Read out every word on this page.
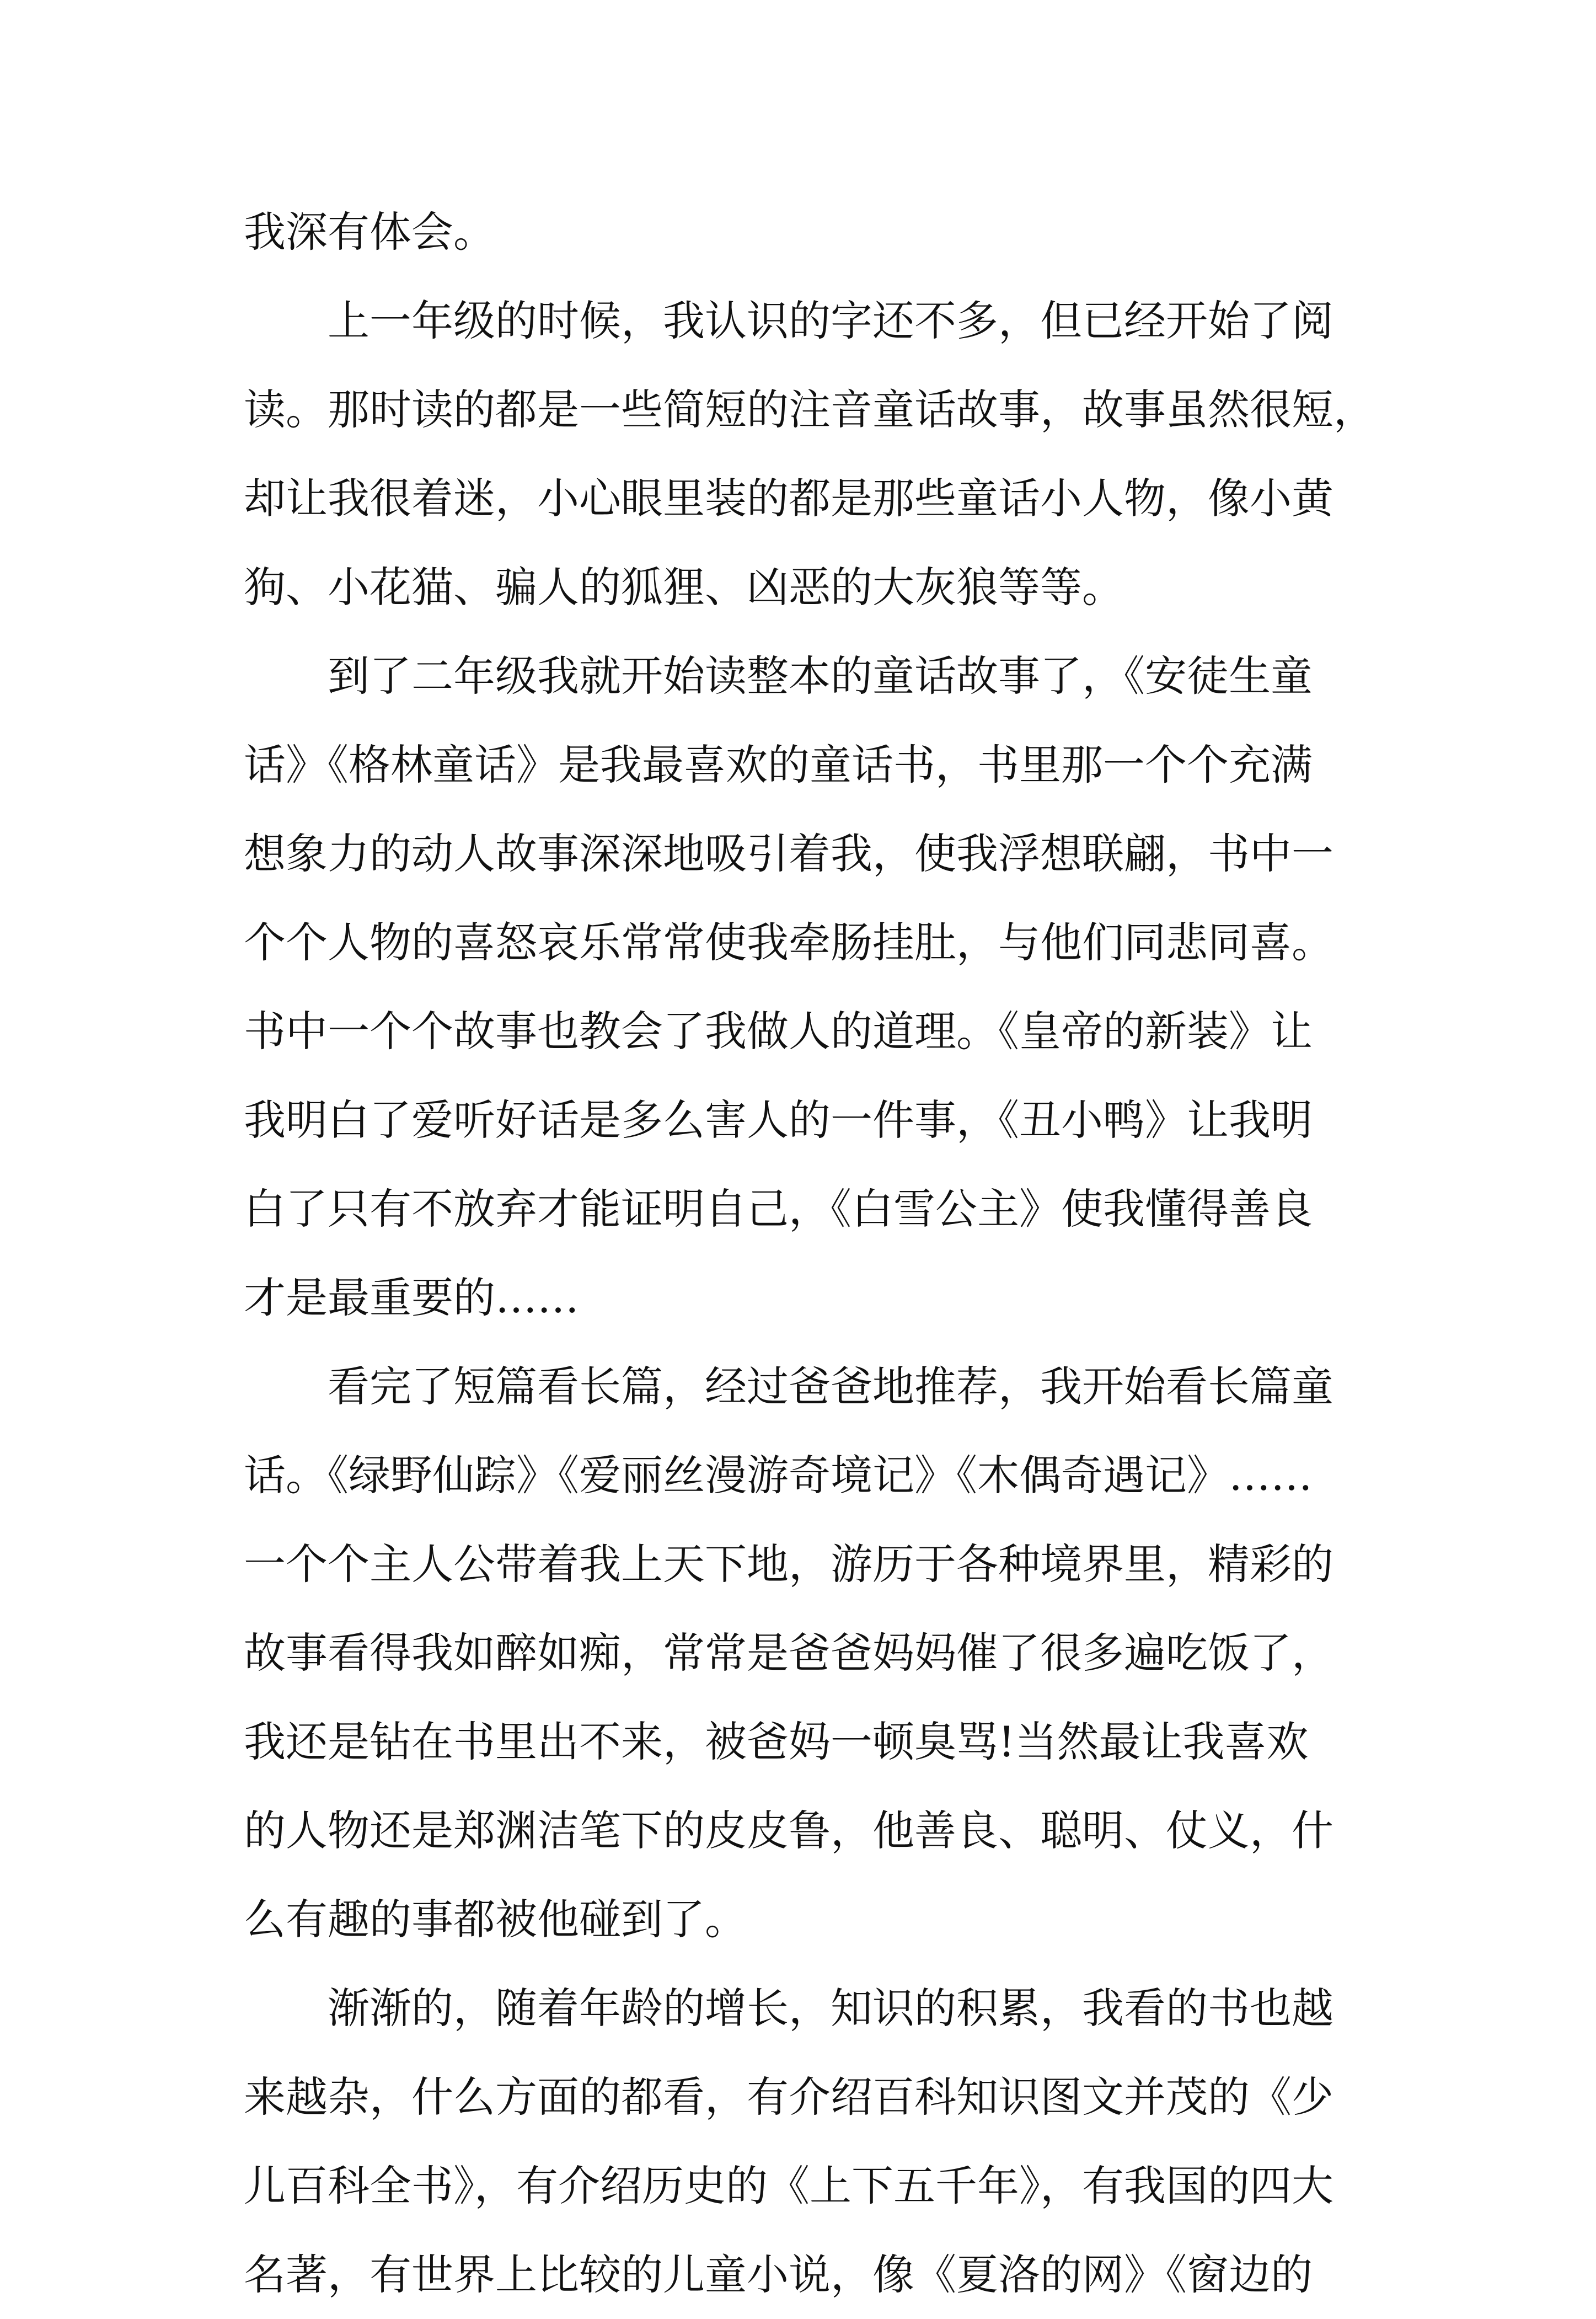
我深有体会。
上一年级的时候，我认识的字还不多，但已经开始了阅
读。那时读的都是一些简短的注音童话故事，故事虽然很短，
却让我很着迷，小心眼里装的都是那些童话小人物，像小黄
狗、小花猫、骗人的狐狸、凶恶的大灰狼等等。
到了二年级我就开始读整本的童话故事了，《安徒生童
话》《格林童话》是我最喜欢的童话书，书里那一个个充满
想象力的动人故事深深地吸引着我，使我浮想联翩，书中一
个个人物的喜怒哀乐常常使我牵肠挂肚，与他们同悲同喜。
书中一个个故事也教会了我做人的道理。《皇帝的新装》让
我明白了爱听好话是多么害人的一件事，《丑小鸭》让我明
白了只有不放弃才能证明自己，《白雪公主》使我懂得善良
才是最重要的……
看完了短篇看长篇，经过爸爸地推荐，我开始看长篇童
话。《绿野仙踪》《爱丽丝漫游奇境记》《木偶奇遇记》……
一个个主人公带着我上天下地，游历于各种境界里，精彩的
故事看得我如醉如痴，常常是爸爸妈妈催了很多遍吃饭了，
我还是钻在书里出不来，被爸妈一顿臭骂!当然最让我喜欢
的人物还是郑渊洁笔下的皮皮鲁，他善良、聪明、仗义，什
么有趣的事都被他碰到了。
渐渐的，随着年龄的增长，知识的积累，我看的书也越
来越杂，什么方面的都看，有介绍百科知识图文并茂的《少
儿百科全书》，有介绍历史的《上下五千年》，有我国的四大
名著，有世界上比较的儿童小说，像《夏洛的网》《窗边的
